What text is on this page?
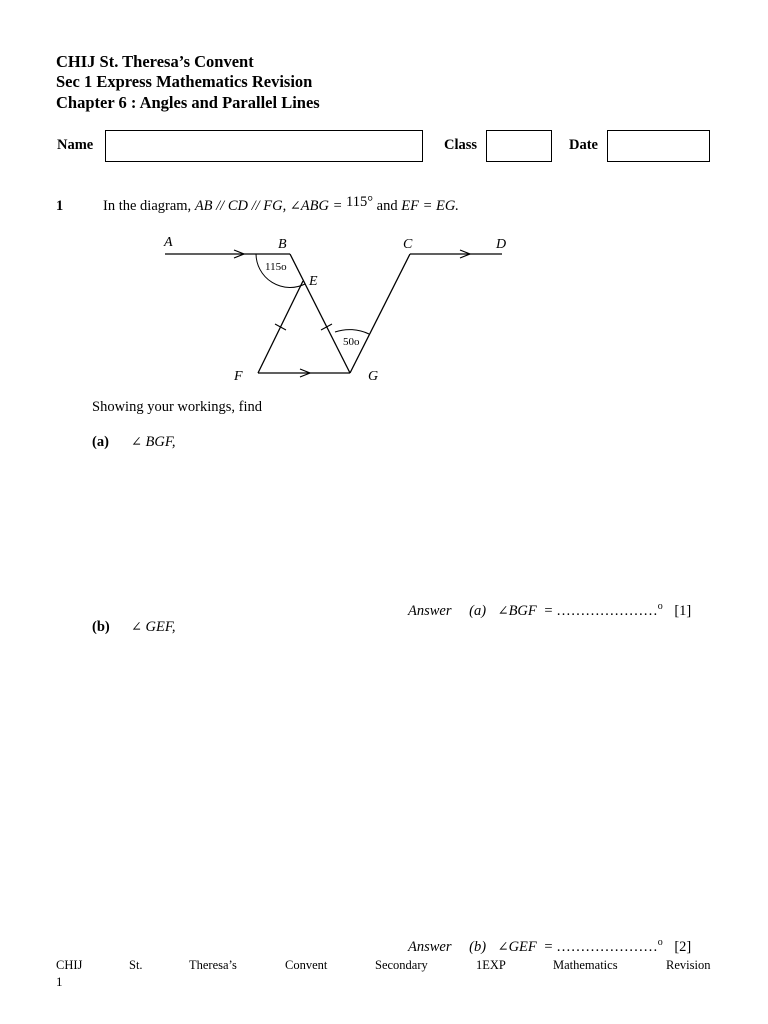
CHIJ St. Theresa’s Convent
Sec 1 Express Mathematics Revision
Chapter 6 : Angles and Parallel Lines
Name	Class	Date
1	In the diagram, AB // CD // FG, ∠ABG = 115° and EF = EG.
A	B	C	D
E
F	G
115o
50o
Showing your workings, find
(a) ∠ BGF,
Answer (a) ∠BGF = …………………$^o$ [1]
(b) ∠ GEF,
Answer (b) ∠GEF = …………………$^o$ [2]
CHIJ	St.	Theresa’s	Convent	Secondary	1EXP	Mathematics	Revision
1
